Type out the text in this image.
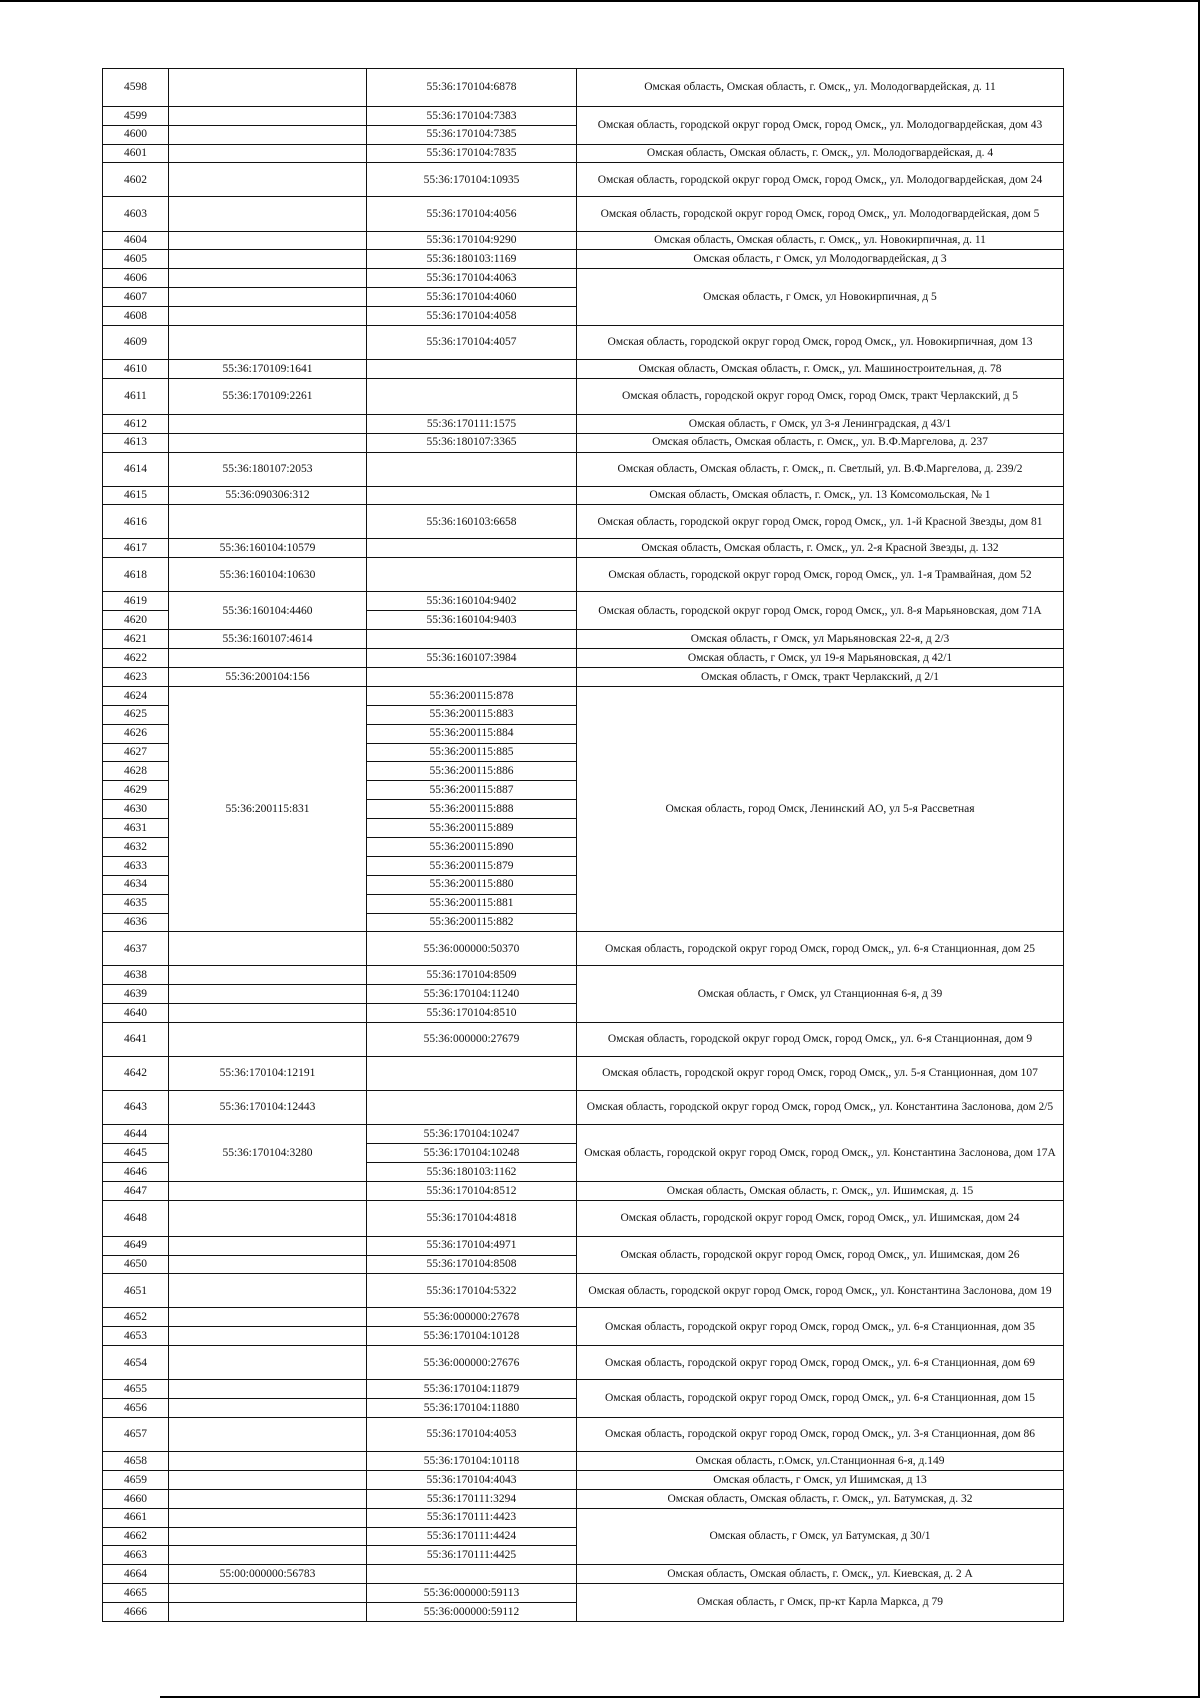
4598		55:36:170104:6878	Омская область, Омская область, г. Омск,, ул. Молодогвардейская, д. 11
4599		55:36:170104:7383	Омская область, городской округ город Омск, город Омск,, ул. Молодогвардейская, дом 43
4600		55:36:170104:7385	
4601		55:36:170104:7835	Омская область, Омская область, г. Омск,, ул. Молодогвардейская, д. 4
4602		55:36:170104:10935	Омская область, городской округ город Омск, город Омск,, ул. Молодогвардейская, дом 24
4603		55:36:170104:4056	Омская область, городской округ город Омск, город Омск,, ул. Молодогвардейская, дом 5
4604		55:36:170104:9290	Омская область, Омская область, г. Омск,, ул. Новокирпичная, д. 11
4605		55:36:180103:1169	Омская область, г Омск, ул Молодогвардейская, д 3
4606		55:36:170104:4063	Омская область, г Омск, ул Новокирпичная, д 5
4607		55:36:170104:4060	
4608		55:36:170104:4058	
4609		55:36:170104:4057	Омская область, городской округ город Омск, город Омск,, ул. Новокирпичная, дом 13
4610	55:36:170109:1641		Омская область, Омская область, г. Омск,, ул. Машиностроительная, д. 78
4611	55:36:170109:2261		Омская область, городской округ город Омск, город Омск, тракт Черлакский, д 5
4612		55:36:170111:1575	Омская область, г Омск, ул 3-я Ленинградская, д 43/1
4613		55:36:180107:3365	Омская область, Омская область, г. Омск,, ул. В.Ф.Маргелова, д. 237
4614	55:36:180107:2053		Омская область, Омская область, г. Омск,, п. Светлый, ул. В.Ф.Маргелова, д. 239/2
4615	55:36:090306:312		Омская область, Омская область, г. Омск,, ул. 13 Комсомольская, № 1
4616		55:36:160103:6658	Омская область, городской округ город Омск, город Омск,, ул. 1-й Красной Звезды, дом 81
4617	55:36:160104:10579		Омская область, Омская область, г. Омск,, ул. 2-я Красной Звезды, д. 132
4618	55:36:160104:10630		Омская область, городской округ город Омск, город Омск,, ул. 1-я Трамвайная, дом 52
4619	55:36:160104:4460	55:36:160104:9402	Омская область, городской округ город Омск, город Омск,, ул. 8-я Марьяновская, дом 71А
4620		55:36:160104:9403	
4621	55:36:160107:4614		Омская область, г Омск, ул Марьяновская 22-я, д 2/3
4622		55:36:160107:3984	Омская область, г Омск, ул 19-я Марьяновская, д 42/1
4623	55:36:200104:156		Омская область, г Омск, тракт Черлакский, д 2/1
4624	55:36:200115:831	55:36:200115:878	Омская область, город Омск, Ленинский АО, ул 5-я Рассветная
4625		55:36:200115:883	
4626		55:36:200115:884	
4627		55:36:200115:885	
4628		55:36:200115:886	
4629		55:36:200115:887	
4630		55:36:200115:888	
4631		55:36:200115:889	
4632		55:36:200115:890	
4633		55:36:200115:879	
4634		55:36:200115:880	
4635		55:36:200115:881	
4636		55:36:200115:882	
4637		55:36:000000:50370	Омская область, городской округ город Омск, город Омск,, ул. 6-я Станционная, дом 25
4638		55:36:170104:8509	Омская область, г Омск, ул Станционная 6-я, д 39
4639		55:36:170104:11240	
4640		55:36:170104:8510	
4641		55:36:000000:27679	Омская область, городской округ город Омск, город Омск,, ул. 6-я Станционная, дом 9
4642	55:36:170104:12191		Омская область, городской округ город Омск, город Омск,, ул. 5-я Станционная, дом 107
4643	55:36:170104:12443		Омская область, городской округ город Омск, город Омск,, ул. Константина Заслонова, дом 2/5
4644	55:36:170104:3280	55:36:170104:10247	Омская область, городской округ город Омск, город Омск,, ул. Константина Заслонова, дом 17А
4645		55:36:170104:10248	
4646		55:36:180103:1162	
4647		55:36:170104:8512	Омская область, Омская область, г. Омск,, ул. Ишимская, д. 15
4648		55:36:170104:4818	Омская область, городской округ город Омск, город Омск,, ул. Ишимская, дом 24
4649		55:36:170104:4971	Омская область, городской округ город Омск, город Омск,, ул. Ишимская, дом 26
4650		55:36:170104:8508	
4651		55:36:170104:5322	Омская область, городской округ город Омск, город Омск,, ул. Константина Заслонова, дом 19
4652		55:36:000000:27678	Омская область, городской округ город Омск, город Омск,, ул. 6-я Станционная, дом 35
4653		55:36:170104:10128	
4654		55:36:000000:27676	Омская область, городской округ город Омск, город Омск,, ул. 6-я Станционная, дом 69
4655		55:36:170104:11879	Омская область, городской округ город Омск, город Омск,, ул. 6-я Станционная, дом 15
4656		55:36:170104:11880	
4657		55:36:170104:4053	Омская область, городской округ город Омск, город Омск,, ул. 3-я Станционная, дом 86
4658		55:36:170104:10118	Омская область, г.Омск, ул.Станционная 6-я, д.149
4659		55:36:170104:4043	Омская область, г Омск, ул Ишимская, д 13
4660		55:36:170111:3294	Омская область, Омская область, г. Омск,, ул. Батумская, д. 32
4661		55:36:170111:4423	Омская область, г Омск, ул Батумская, д 30/1
4662		55:36:170111:4424	
4663		55:36:170111:4425	
4664	55:00:000000:56783		Омская область, Омская область, г. Омск,, ул. Киевская, д. 2 А
4665		55:36:000000:59113	Омская область, г Омск, пр-кт Карла Маркса, д 79
4666		55:36:000000:59112	
